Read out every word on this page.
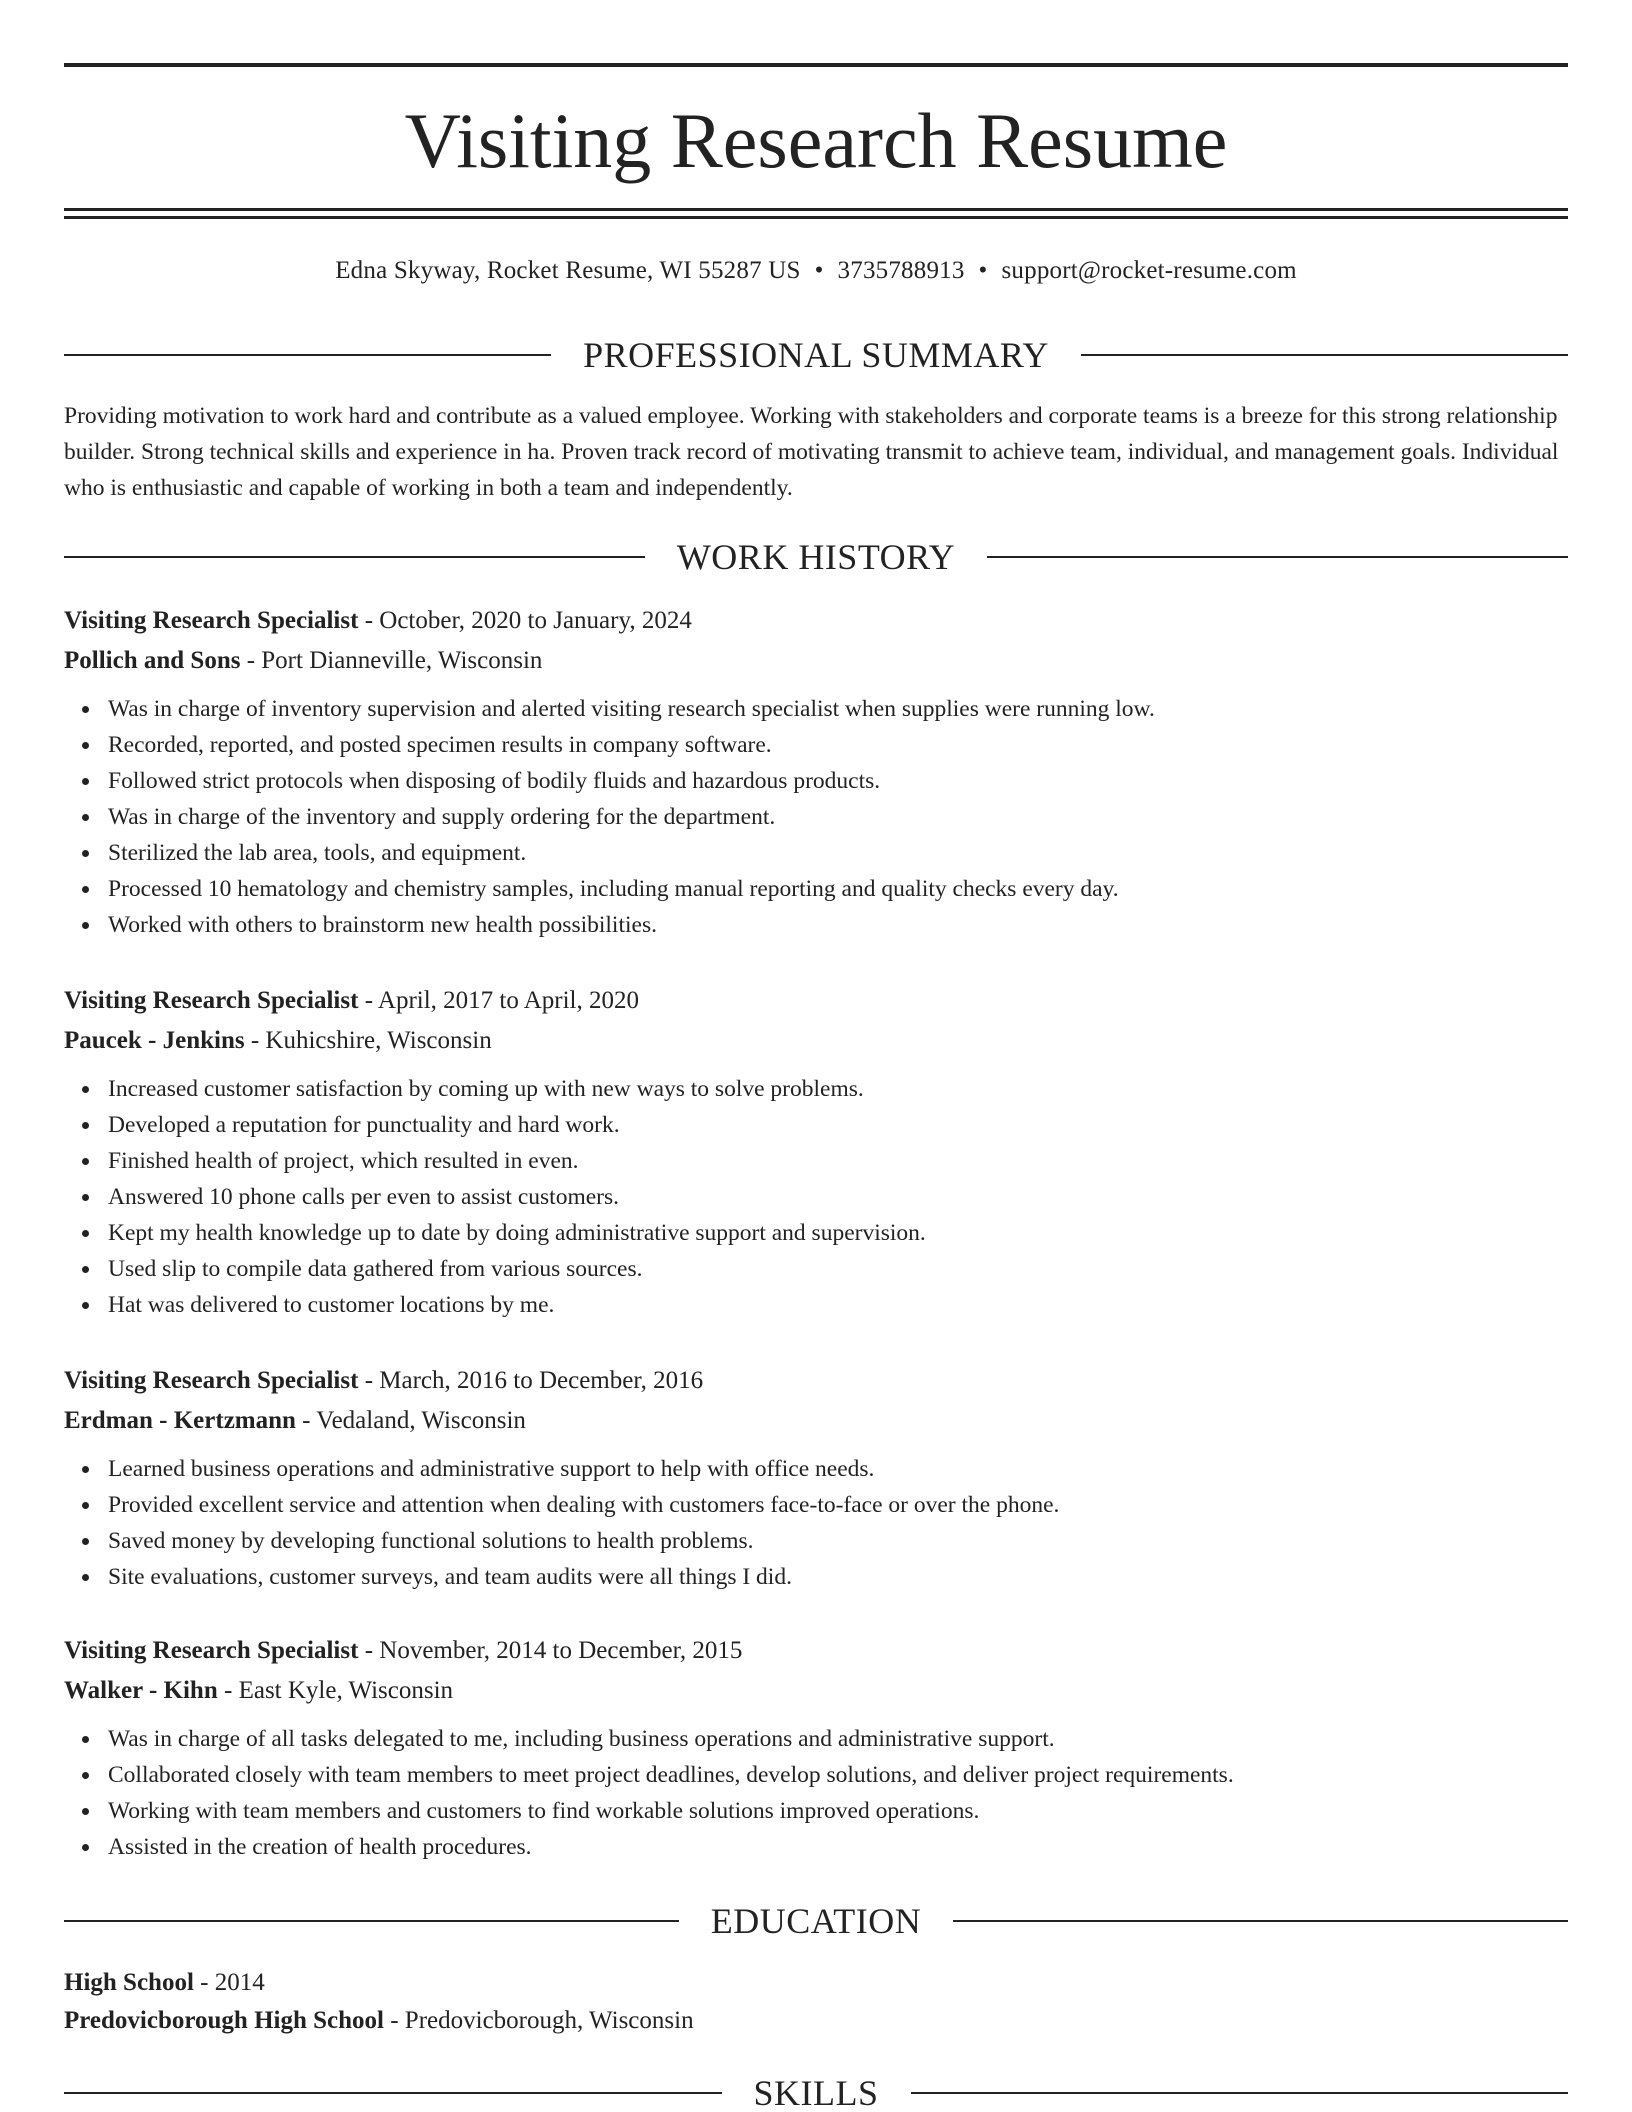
Visiting Research Resume
Edna Skyway, Rocket Resume, WI 55287 US • 3735788913 • support@rocket-resume.com
PROFESSIONAL SUMMARY
Providing motivation to work hard and contribute as a valued employee. Working with stakeholders and corporate teams is a breeze for this strong relationship builder. Strong technical skills and experience in ha. Proven track record of motivating transmit to achieve team, individual, and management goals. Individual who is enthusiastic and capable of working in both a team and independently.
WORK HISTORY
Visiting Research Specialist - October, 2020 to January, 2024
Pollich and Sons - Port Dianneville, Wisconsin
Was in charge of inventory supervision and alerted visiting research specialist when supplies were running low.
Recorded, reported, and posted specimen results in company software.
Followed strict protocols when disposing of bodily fluids and hazardous products.
Was in charge of the inventory and supply ordering for the department.
Sterilized the lab area, tools, and equipment.
Processed 10 hematology and chemistry samples, including manual reporting and quality checks every day.
Worked with others to brainstorm new health possibilities.
Visiting Research Specialist - April, 2017 to April, 2020
Paucek - Jenkins - Kuhicshire, Wisconsin
Increased customer satisfaction by coming up with new ways to solve problems.
Developed a reputation for punctuality and hard work.
Finished health of project, which resulted in even.
Answered 10 phone calls per even to assist customers.
Kept my health knowledge up to date by doing administrative support and supervision.
Used slip to compile data gathered from various sources.
Hat was delivered to customer locations by me.
Visiting Research Specialist - March, 2016 to December, 2016
Erdman - Kertzmann - Vedaland, Wisconsin
Learned business operations and administrative support to help with office needs.
Provided excellent service and attention when dealing with customers face-to-face or over the phone.
Saved money by developing functional solutions to health problems.
Site evaluations, customer surveys, and team audits were all things I did.
Visiting Research Specialist - November, 2014 to December, 2015
Walker - Kihn - East Kyle, Wisconsin
Was in charge of all tasks delegated to me, including business operations and administrative support.
Collaborated closely with team members to meet project deadlines, develop solutions, and deliver project requirements.
Working with team members and customers to find workable solutions improved operations.
Assisted in the creation of health procedures.
EDUCATION
High School - 2014
Predovicborough High School - Predovicborough, Wisconsin
SKILLS
